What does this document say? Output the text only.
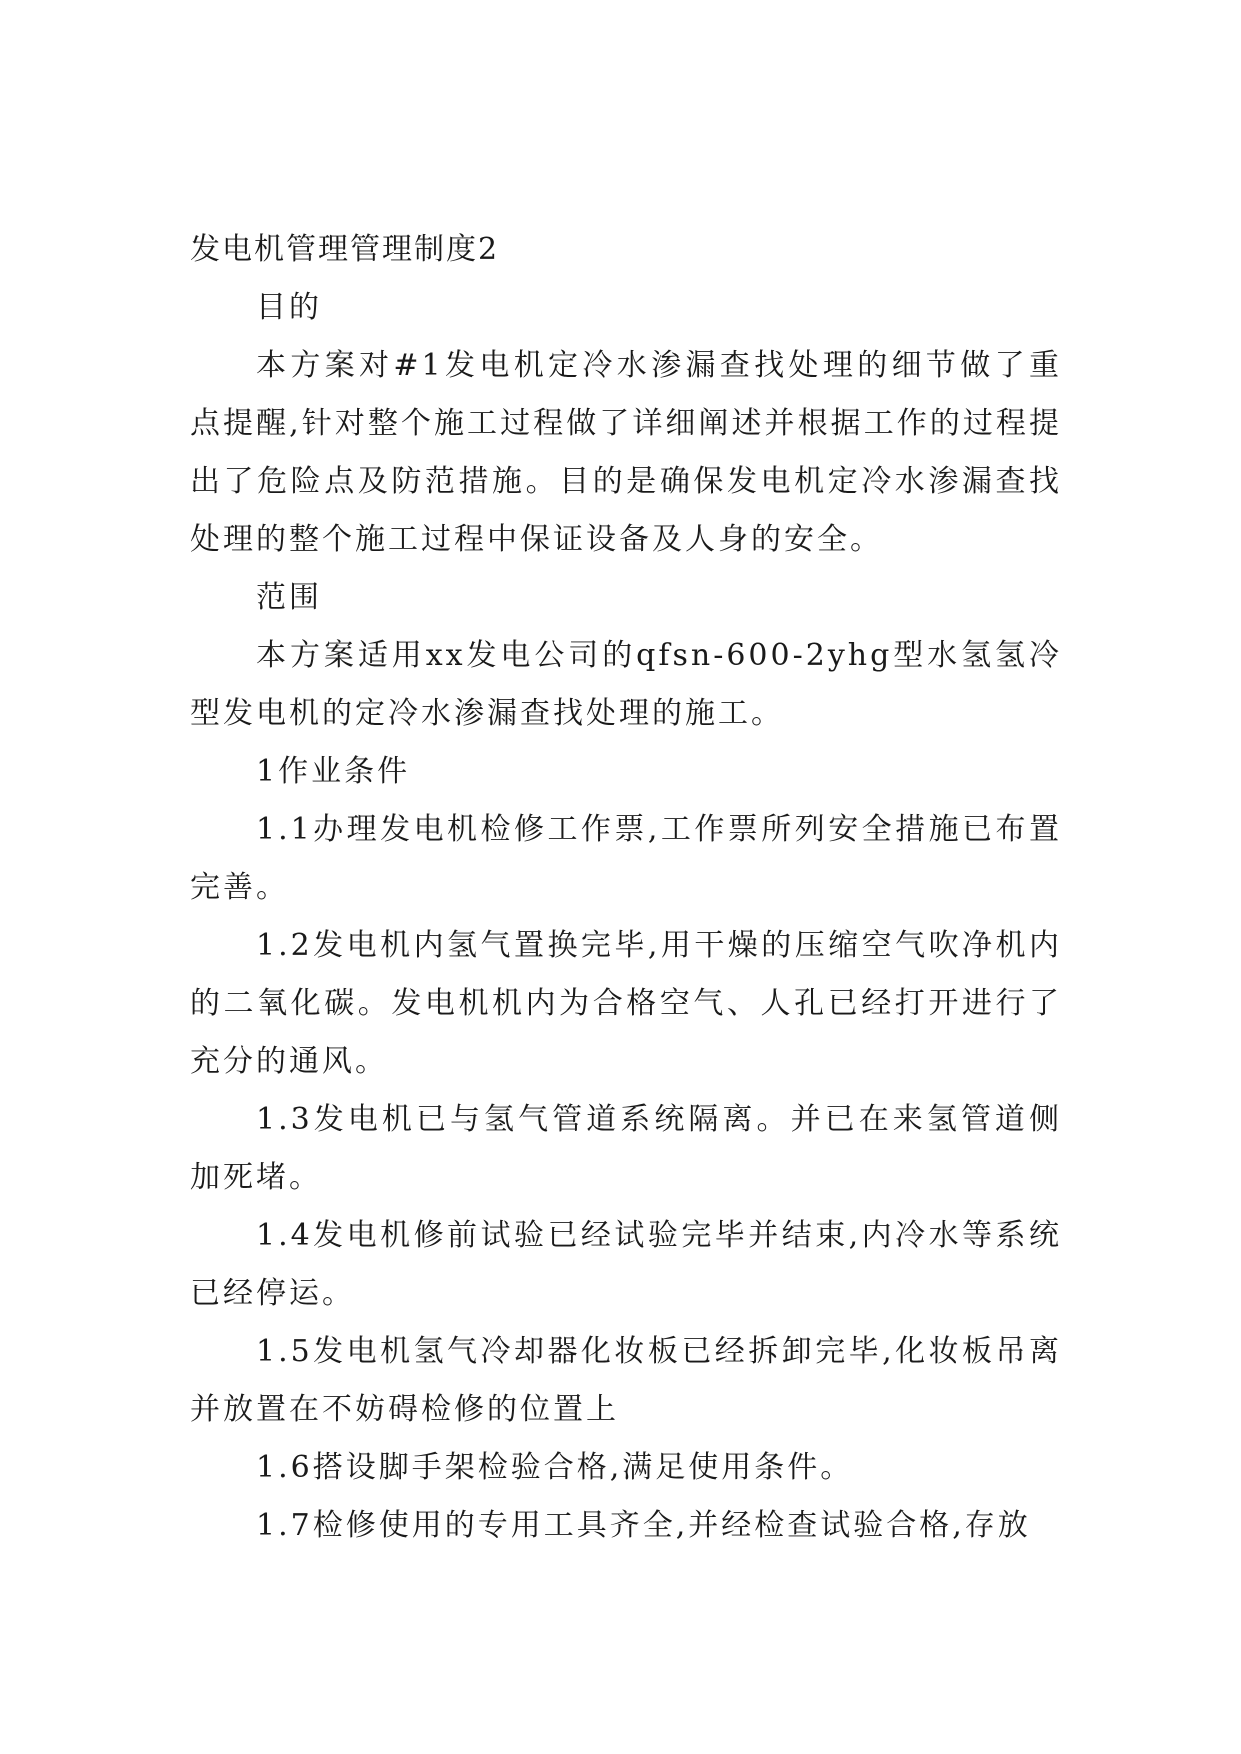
发电机管理管理制度2

目的

本方案对#1发电机定冷水渗漏查找处理的细节做了重点提醒,针对整个施工过程做了详细阐述并根据工作的过程提出了危险点及防范措施。目的是确保发电机定冷水渗漏查找处理的整个施工过程中保证设备及人身的安全。

范围

本方案适用xx发电公司的qfsn-600-2yhg型水氢氢冷型发电机的定冷水渗漏查找处理的施工。

1作业条件

1.1办理发电机检修工作票,工作票所列安全措施已布置完善。

1.2发电机内氢气置换完毕,用干燥的压缩空气吹净机内的二氧化碳。发电机机内为合格空气、人孔已经打开进行了充分的通风。

1.3发电机已与氢气管道系统隔离。并已在来氢管道侧加死堵。

1.4发电机修前试验已经试验完毕并结束,内冷水等系统已经停运。

1.5发电机氢气冷却器化妆板已经拆卸完毕,化妆板吊离并放置在不妨碍检修的位置上

1.6搭设脚手架检验合格,满足使用条件。

1.7检修使用的专用工具齐全,并经检查试验合格,存放
